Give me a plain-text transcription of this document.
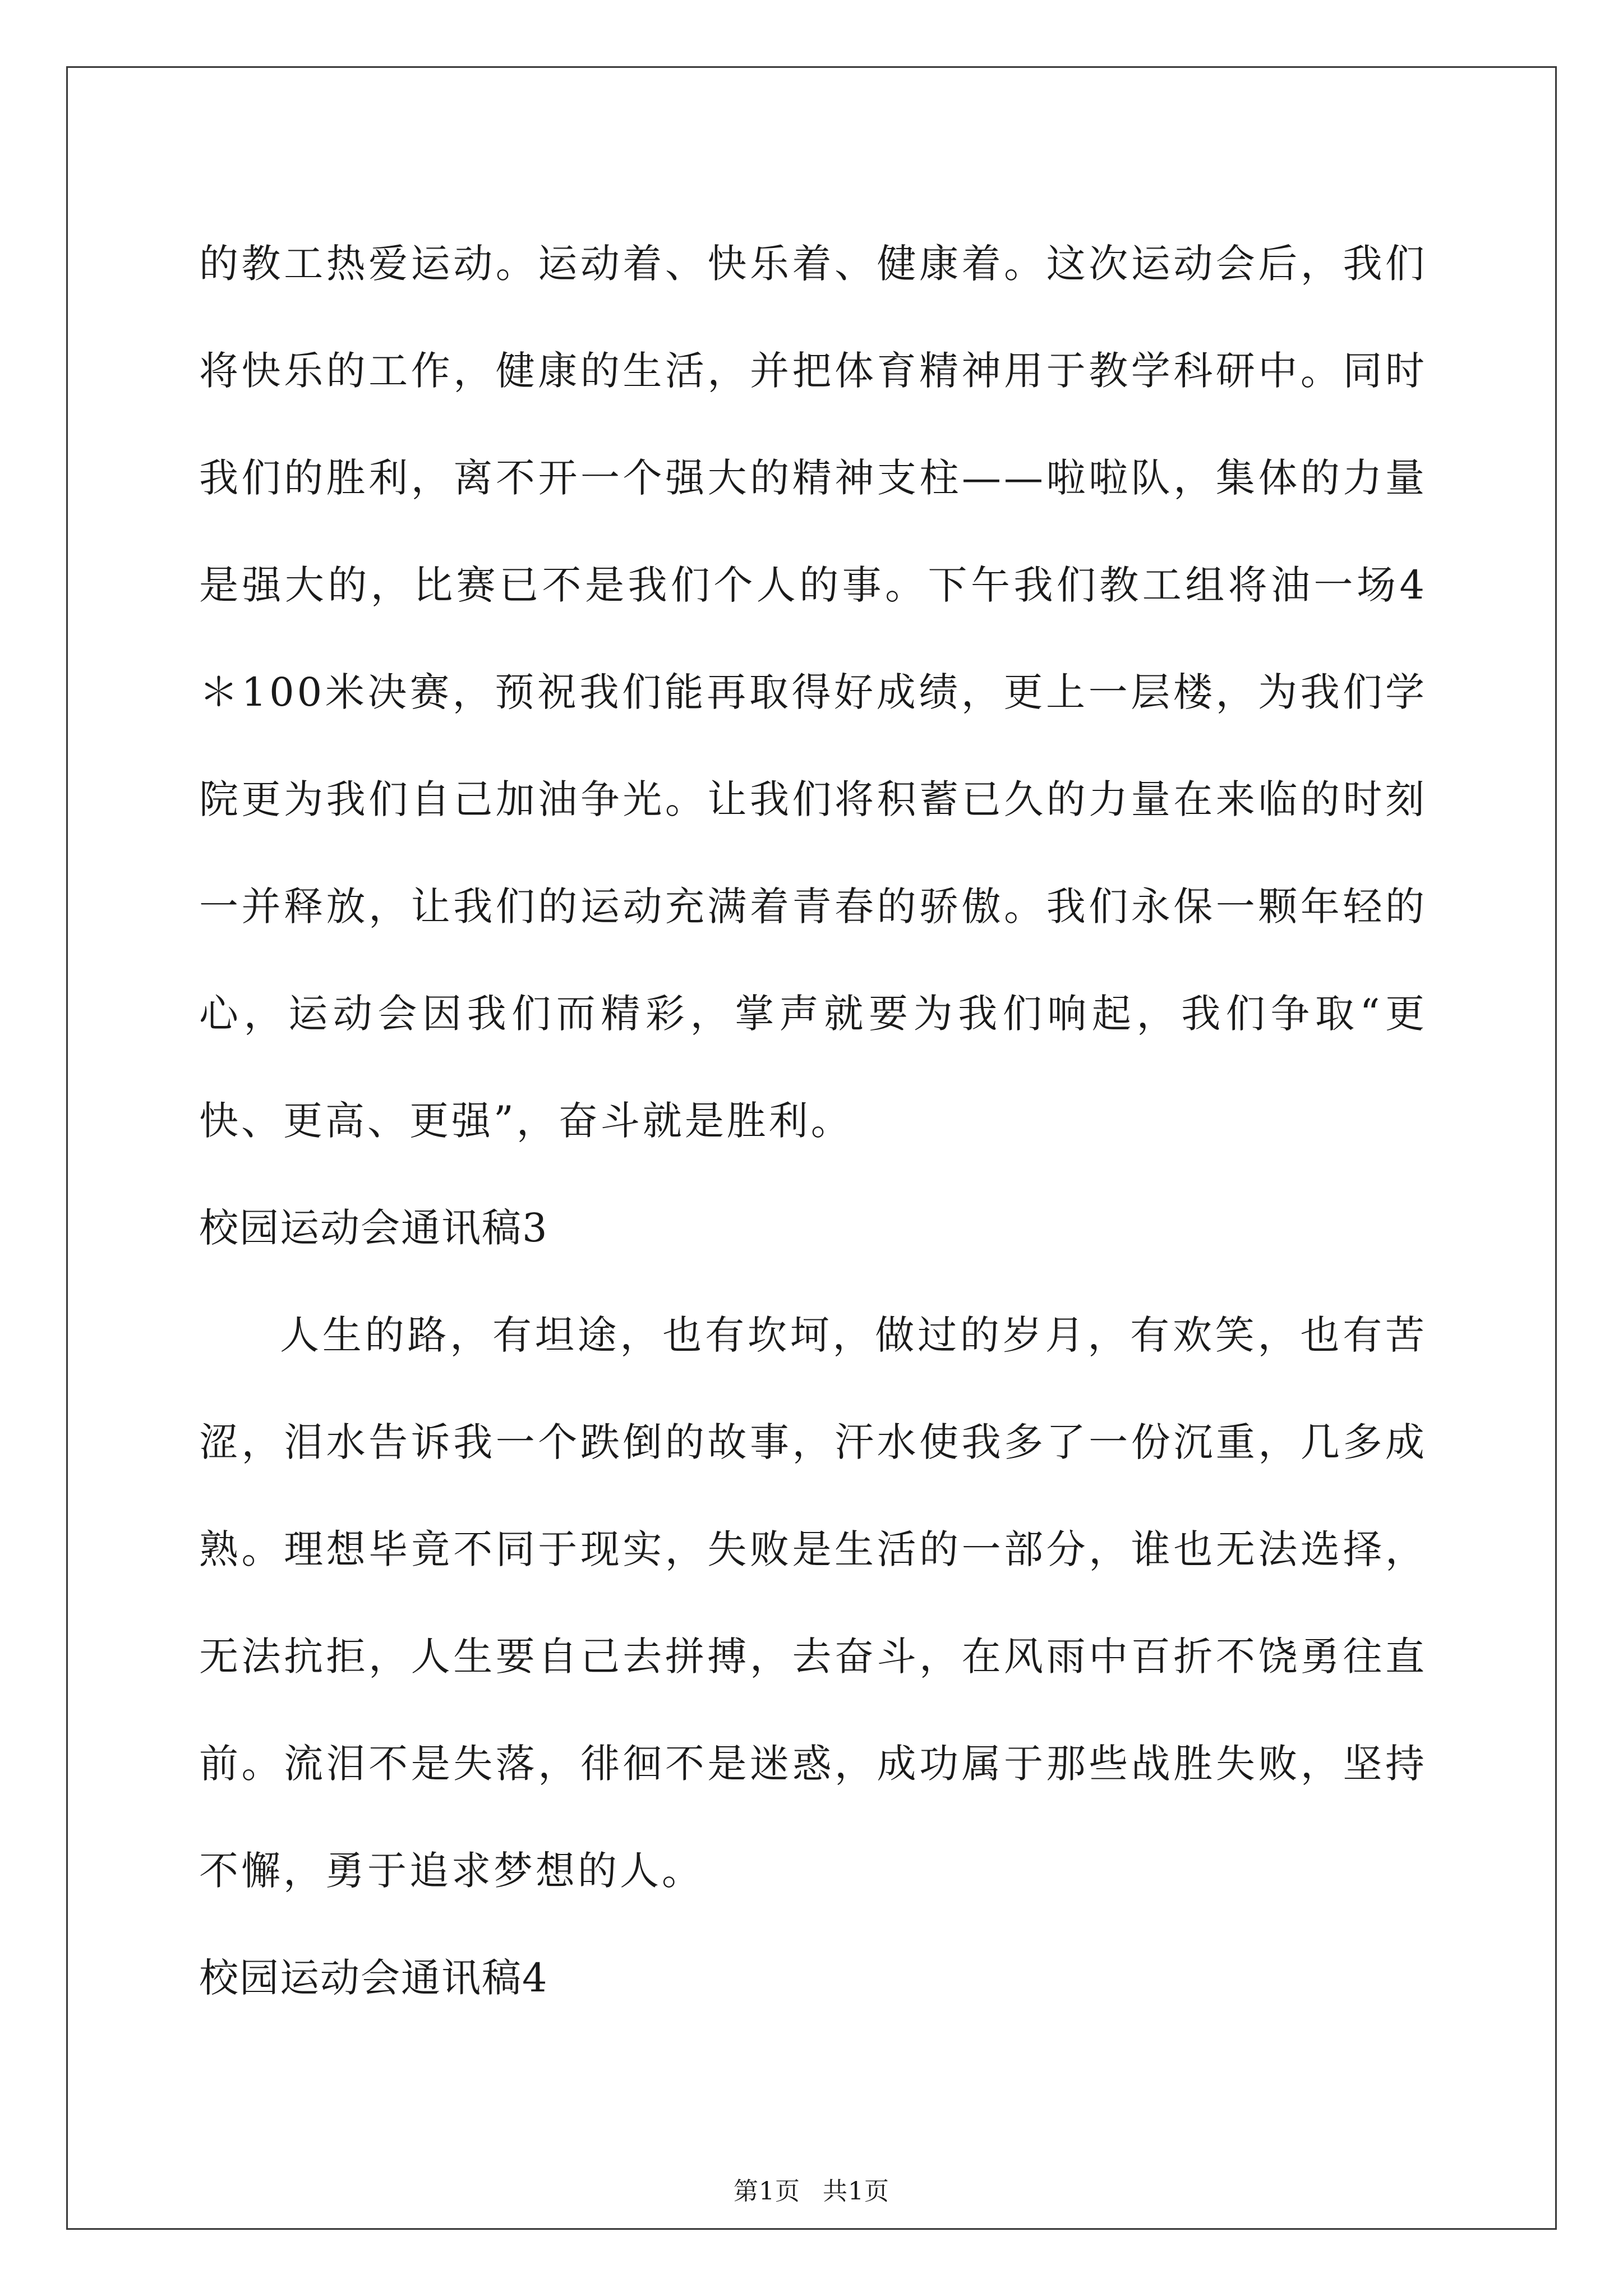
的教工热爱运动。运动着、快乐着、健康着。这次运动会后，我们将快乐的工作，健康的生活，并把体育精神用于教学科研中。同时我们的胜利，离不开一个强大的精神支柱——啦啦队，集体的力量是强大的，比赛已不是我们个人的事。下午我们教工组将油一场4＊100米决赛，预祝我们能再取得好成绩，更上一层楼，为我们学院更为我们自己加油争光。让我们将积蓄已久的力量在来临的时刻一并释放，让我们的运动充满着青春的骄傲。我们永保一颗年轻的心，运动会因我们而精彩，掌声就要为我们响起，我们争取“更快、更高、更强”，奋斗就是胜利。

校园运动会通讯稿3

人生的路，有坦途，也有坎坷，做过的岁月，有欢笑，也有苦涩，泪水告诉我一个跌倒的故事，汗水使我多了一份沉重，几多成熟。理想毕竟不同于现实，失败是生活的一部分，谁也无法选择，无法抗拒，人生要自己去拼搏，去奋斗，在风雨中百折不饶勇往直前。流泪不是失落，徘徊不是迷惑，成功属于那些战胜失败，坚持不懈，勇于追求梦想的人。

校园运动会通讯稿4
第1页 共1页
